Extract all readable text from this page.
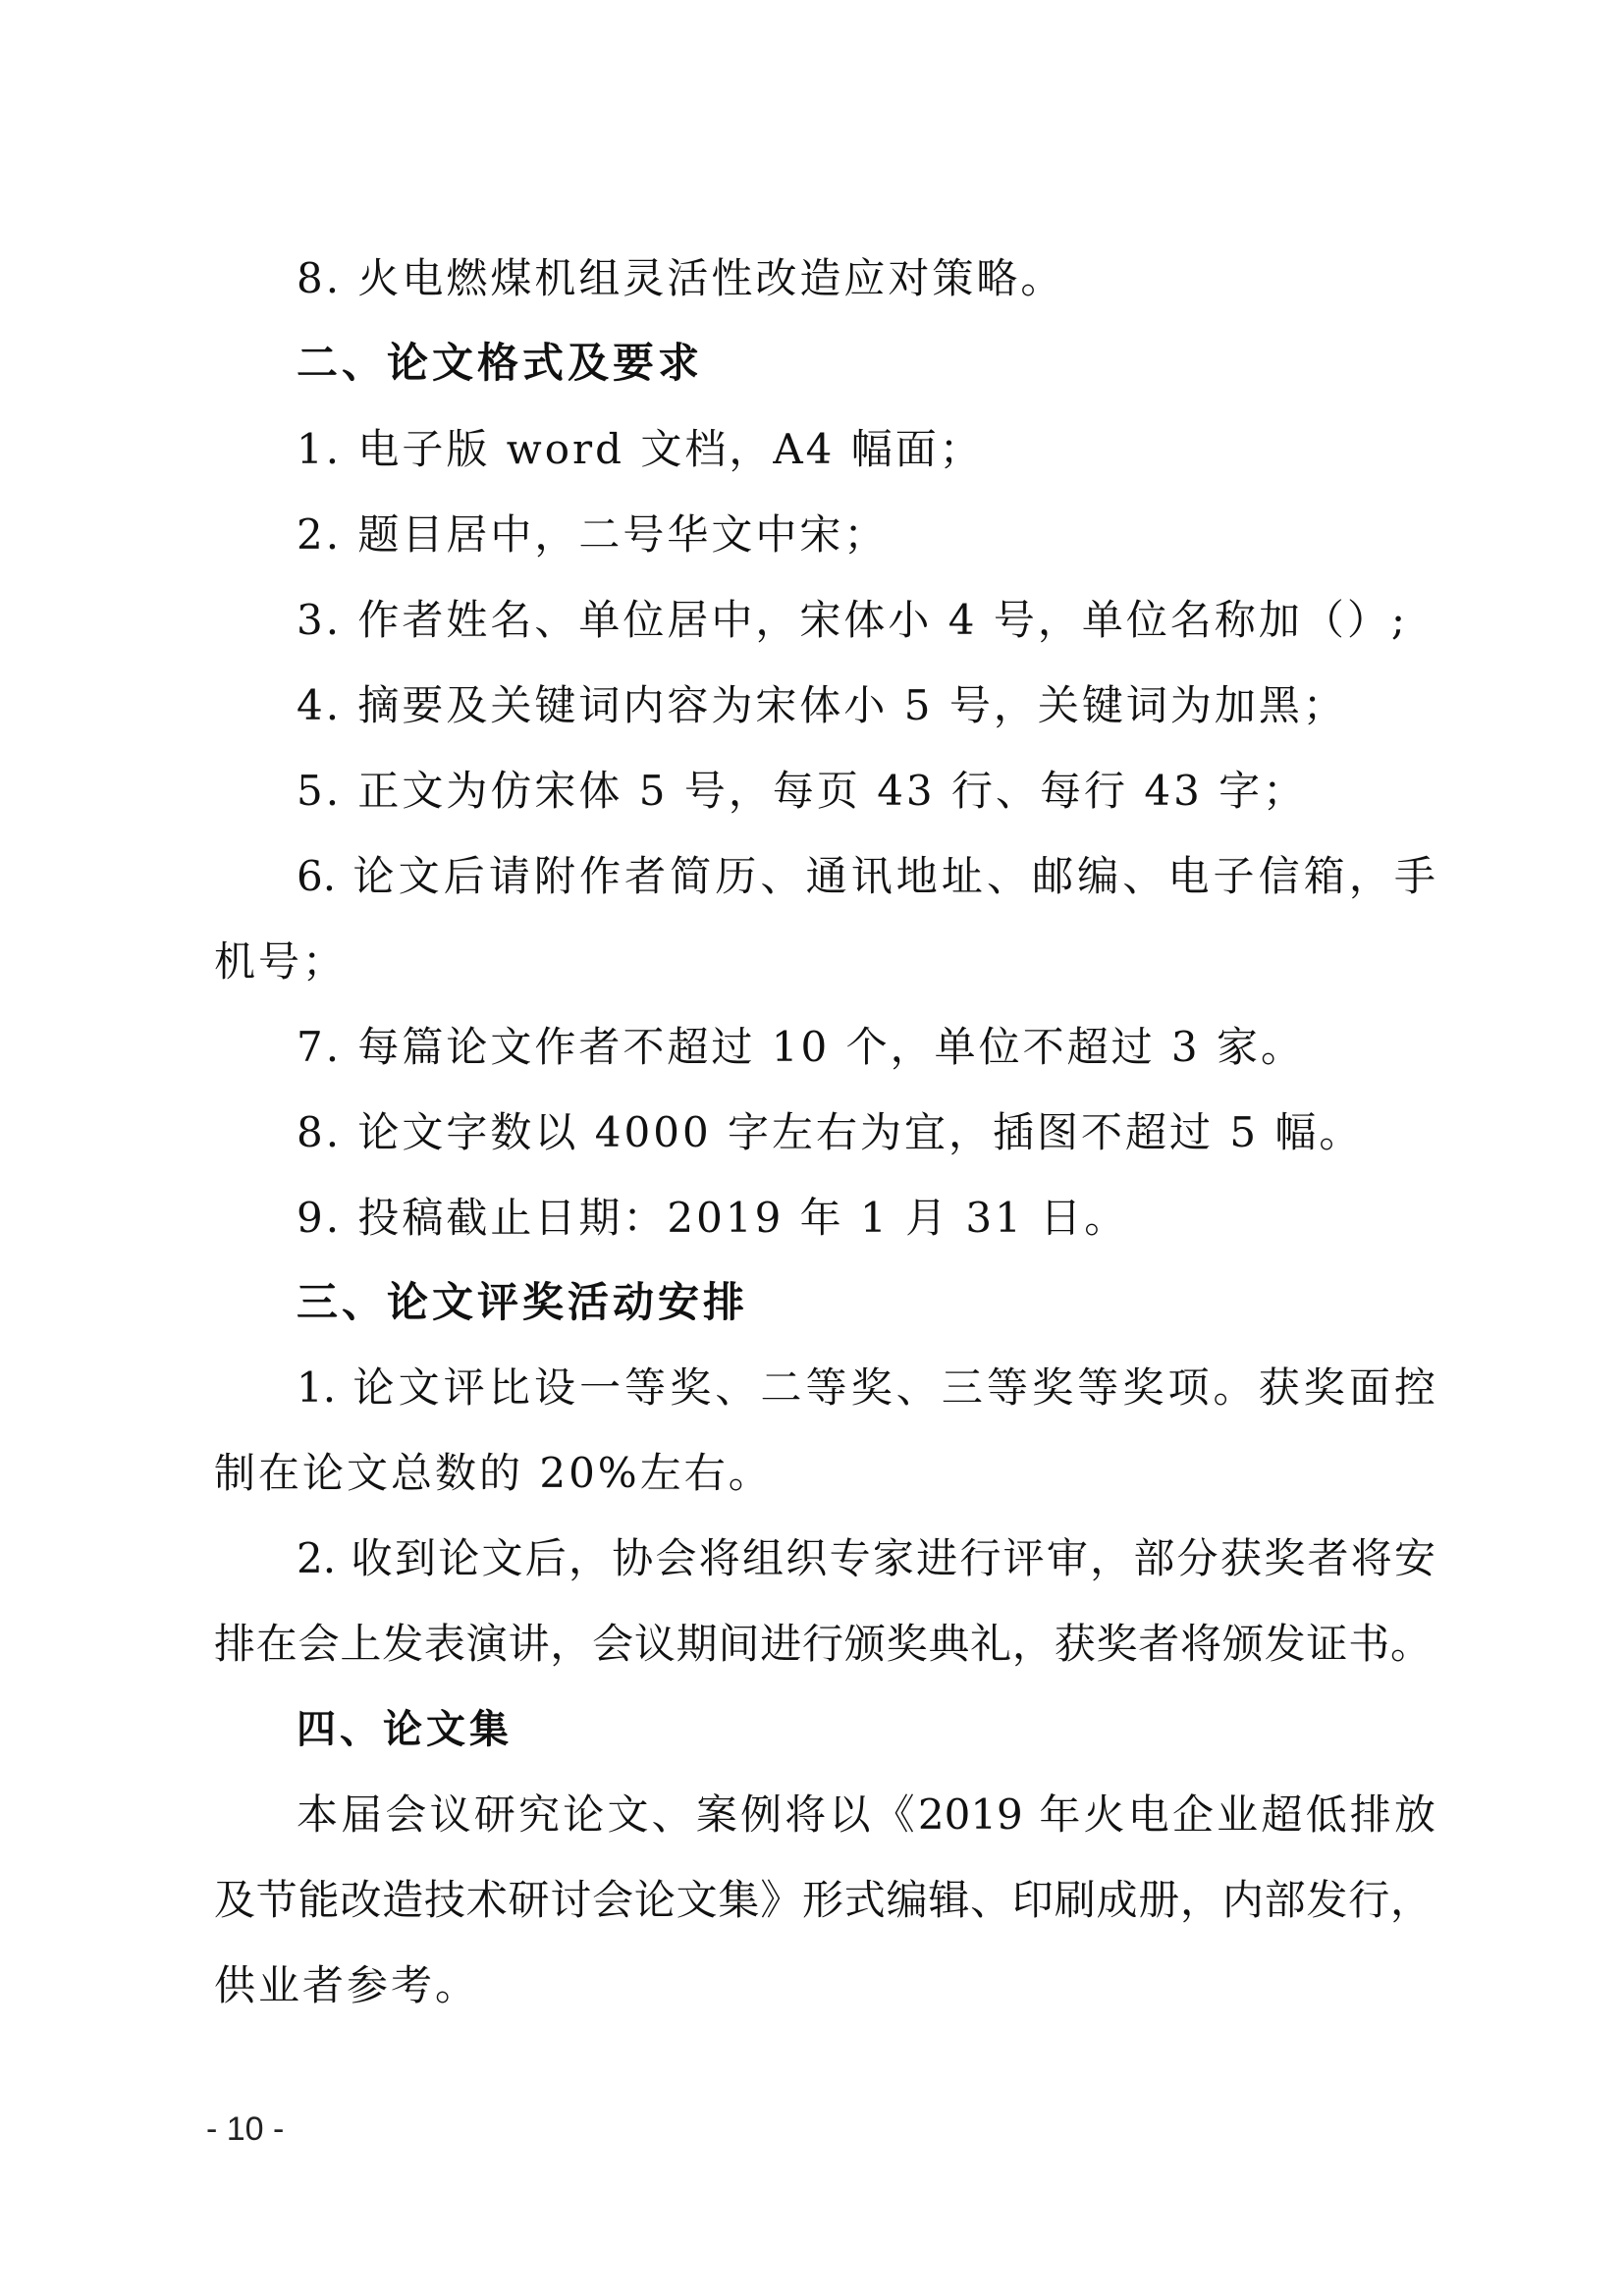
8. 火电燃煤机组灵活性改造应对策略。
二、论文格式及要求
1. 电子版 word 文档，A4 幅面；
2. 题目居中，二号华文中宋；
3. 作者姓名、单位居中，宋体小 4 号，单位名称加（）;
4. 摘要及关键词内容为宋体小 5 号，关键词为加黑；
5. 正文为仿宋体 5 号，每页 43 行、每行 43 字；
6. 论文后请附作者简历、通讯地址、邮编、电子信箱，手
机号；
7. 每篇论文作者不超过 10 个，单位不超过 3 家。
8. 论文字数以 4000 字左右为宜，插图不超过 5 幅。
9. 投稿截止日期：2019 年 1 月 31 日。
三、论文评奖活动安排
1. 论文评比设一等奖、二等奖、三等奖等奖项。获奖面控
制在论文总数的 20%左右。
2. 收到论文后，协会将组织专家进行评审，部分获奖者将安
排在会上发表演讲，会议期间进行颁奖典礼，获奖者将颁发证书。
四、论文集
本届会议研究论文、案例将以《2019 年火电企业超低排放
及节能改造技术研讨会论文集》形式编辑、印刷成册，内部发行，
供业者参考。
- 10 -
